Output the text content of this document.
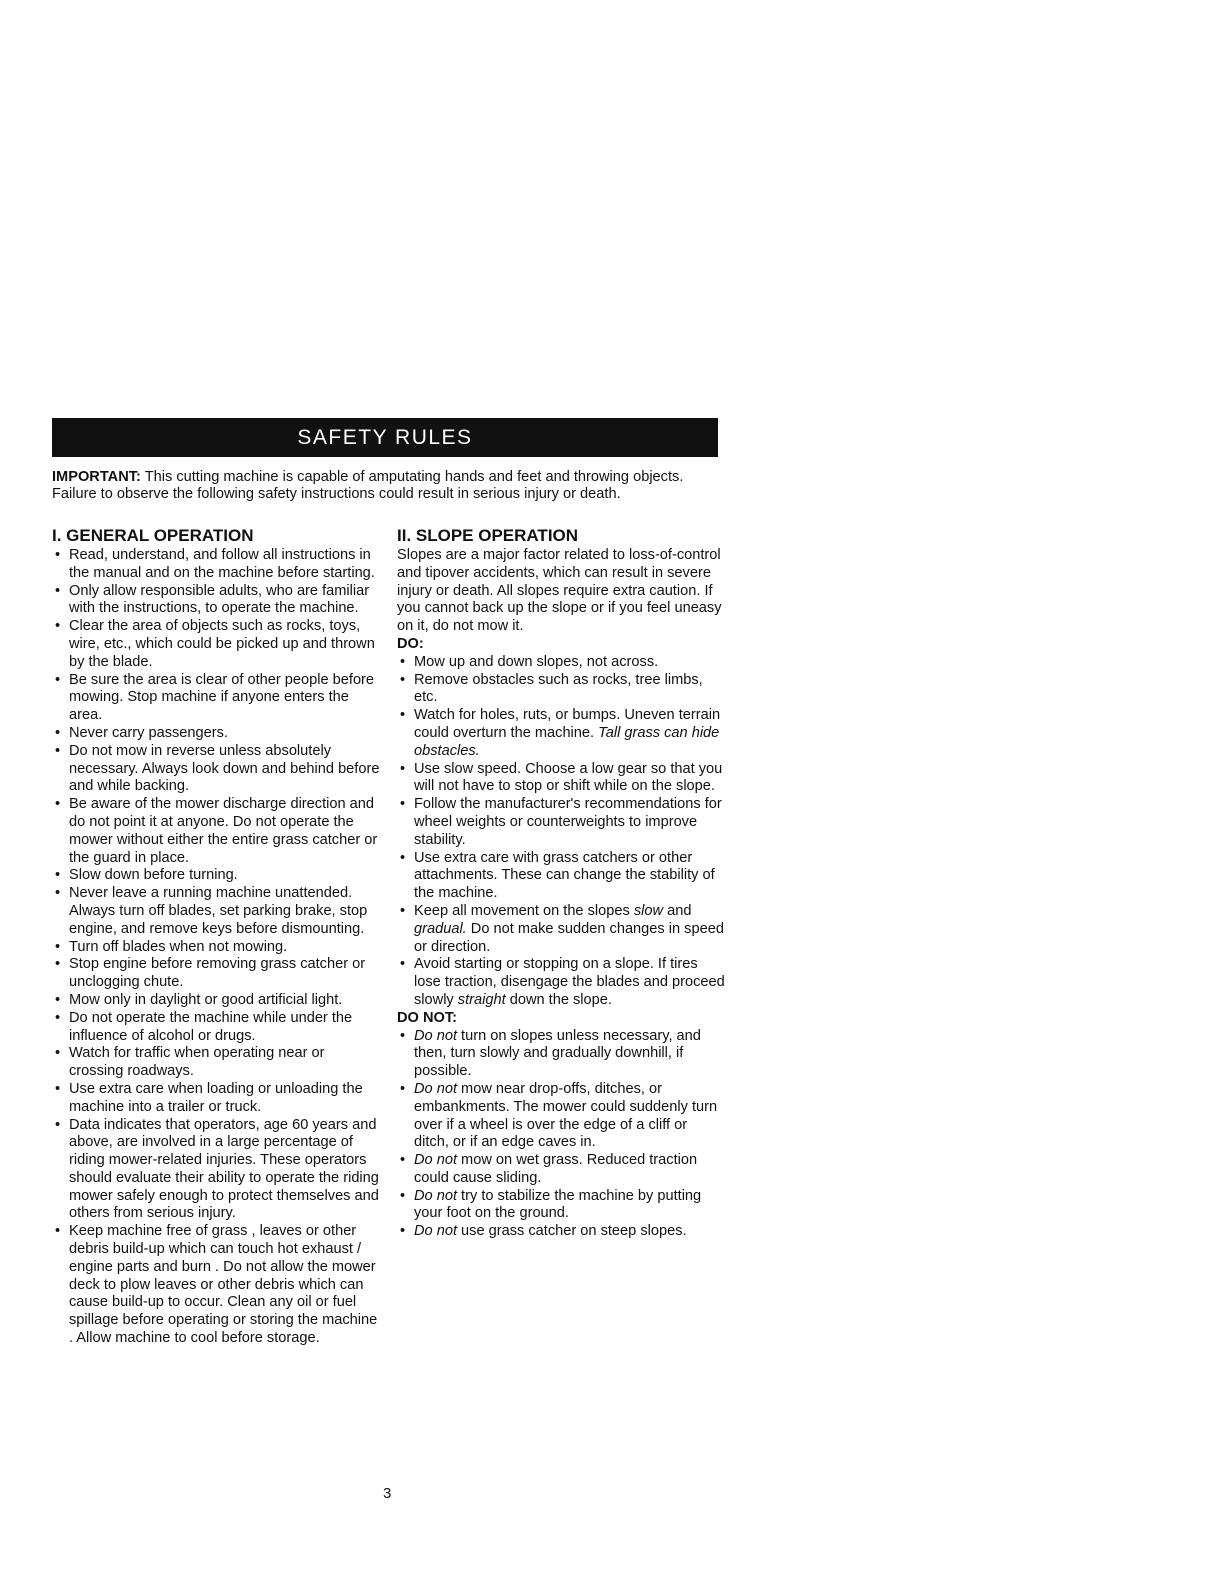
SAFETY RULES

IMPORTANT: This cutting machine is capable of amputating hands and feet and throwing objects. Failure to observe the following safety instructions could result in serious injury or death.

I. GENERAL OPERATION
• Read, understand, and follow all instructions in the manual and on the machine before starting.
• Only allow responsible adults, who are familiar with the instructions, to operate the machine.
• Clear the area of objects such as rocks, toys, wire, etc., which could be picked up and thrown by the blade.
• Be sure the area is clear of other people before mowing. Stop machine if anyone enters the area.
• Never carry passengers.
• Do not mow in reverse unless absolutely necessary. Always look down and behind before and while backing.
• Be aware of the mower discharge direction and do not point it at anyone. Do not operate the mower without either the entire grass catcher or the guard in place.
• Slow down before turning.
• Never leave a running machine unattended. Always turn off blades, set parking brake, stop engine, and remove keys before dismounting.
• Turn off blades when not mowing.
• Stop engine before removing grass catcher or unclogging chute.
• Mow only in daylight or good artificial light.
• Do not operate the machine while under the influence of alcohol or drugs.
• Watch for traffic when operating near or crossing roadways.
• Use extra care when loading or unloading the machine into a trailer or truck.
• Data indicates that operators, age 60 years and above, are involved in a large percentage of riding mower-related injuries. These operators should evaluate their ability to operate the riding mower safely enough to protect themselves and others from serious injury.
• Keep machine free of grass , leaves or other debris build-up which can touch hot exhaust / engine parts and burn . Do not allow the mower deck to plow leaves or other debris which can cause build-up to occur. Clean any oil or fuel spillage before operating or storing the machine . Allow machine to cool before storage.
II. SLOPE OPERATION

Slopes are a major factor related to loss-of-control and tipover accidents, which can result in severe injury or death. All slopes require extra caution. If you cannot back up the slope or if you feel uneasy on it, do not mow it.

DO:
• Mow up and down slopes, not across.
• Remove obstacles such as rocks, tree limbs, etc.
• Watch for holes, ruts, or bumps. Uneven terrain could overturn the machine. Tall grass can hide obstacles.
• Use slow speed. Choose a low gear so that you will not have to stop or shift while on the slope.
• Follow the manufacturer's recommendations for wheel weights or counterweights to improve stability.
• Use extra care with grass catchers or other attachments. These can change the stability of the machine.
• Keep all movement on the slopes slow and gradual. Do not make sudden changes in speed or direction.
• Avoid starting or stopping on a slope. If tires lose traction, disengage the blades and proceed slowly straight down the slope.
DO NOT:
• Do not turn on slopes unless necessary, and then, turn slowly and gradually downhill, if possible.
• Do not mow near drop-offs, ditches, or embankments. The mower could suddenly turn over if a wheel is over the edge of a cliff or ditch, or if an edge caves in.
• Do not mow on wet grass. Reduced traction could cause sliding.
• Do not try to stabilize the machine by putting your foot on the ground.
• Do not use grass catcher on steep slopes.
3
